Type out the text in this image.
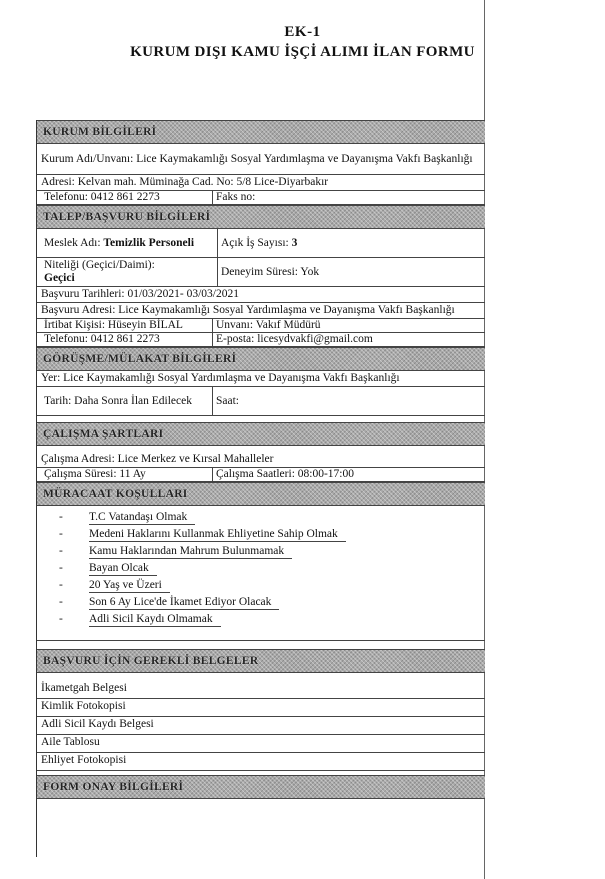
EK-1
KURUM DIŞI KAMU İŞÇİ ALIMI İLAN FORMU
KURUM BİLGİLERİ
Kurum Adı/Unvanı: Lice Kaymakamlığı Sosyal Yardımlaşma ve Dayanışma Vakfı Başkanlığı
Adresi: Kelvan mah. Müminağa Cad. No: 5/8 Lice-Diyarbakır
Telefonu: 0412 861 2273	Faks no:
TALEP/BAŞVURU BİLGİLERİ
Meslek Adı: Temizlik Personeli	Açık İş Sayısı:
3
Niteliği (Geçici/Daimi):
Geçici
Deneyim Süresi: Yok
Başvuru Tarihleri: 01/03/2021- 03/03/2021
Başvuru Adresi: Lice Kaymakamlığı Sosyal Yardımlaşma ve Dayanışma Vakfı Başkanlığı
İrtibat Kişisi: Hüseyin BİLAL	Unvanı: Vakıf Müdürü
Telefonu: 0412 861 2273	E-posta: licesydvakfi@gmail.com
GÖRÜŞME/MÜLAKAT BİLGİLERİ
Yer: Lice Kaymakamlığı Sosyal Yardımlaşma ve Dayanışma Vakfı Başkanlığı
Tarih: Daha Sonra İlan Edilecek	Saat:
ÇALIŞMA ŞARTLARI
Çalışma Adresi: Lice Merkez ve Kırsal Mahalleler
Çalışma Süresi: 11 Ay	Çalışma Saatleri: 08:00-17:00
MÜRACAAT KOŞULLARI
-	T.C Vatandaşı Olmak
-	Medeni Haklarını Kullanmak Ehliyetine Sahip Olmak
-	Kamu Haklarından Mahrum Bulunmamak
-	Bayan Olcak
-	20 Yaş ve Üzeri
-	Son 6 Ay Lice'de İkamet Ediyor Olacak
-	Adli Sicil Kaydı Olmamak
BAŞVURU İÇİN GEREKLİ BELGELER
İkametgah Belgesi
Kimlik Fotokopisi
Adli Sicil Kaydı Belgesi
Aile Tablosu
Ehliyet Fotokopisi
FORM ONAY BİLGİLERİ
